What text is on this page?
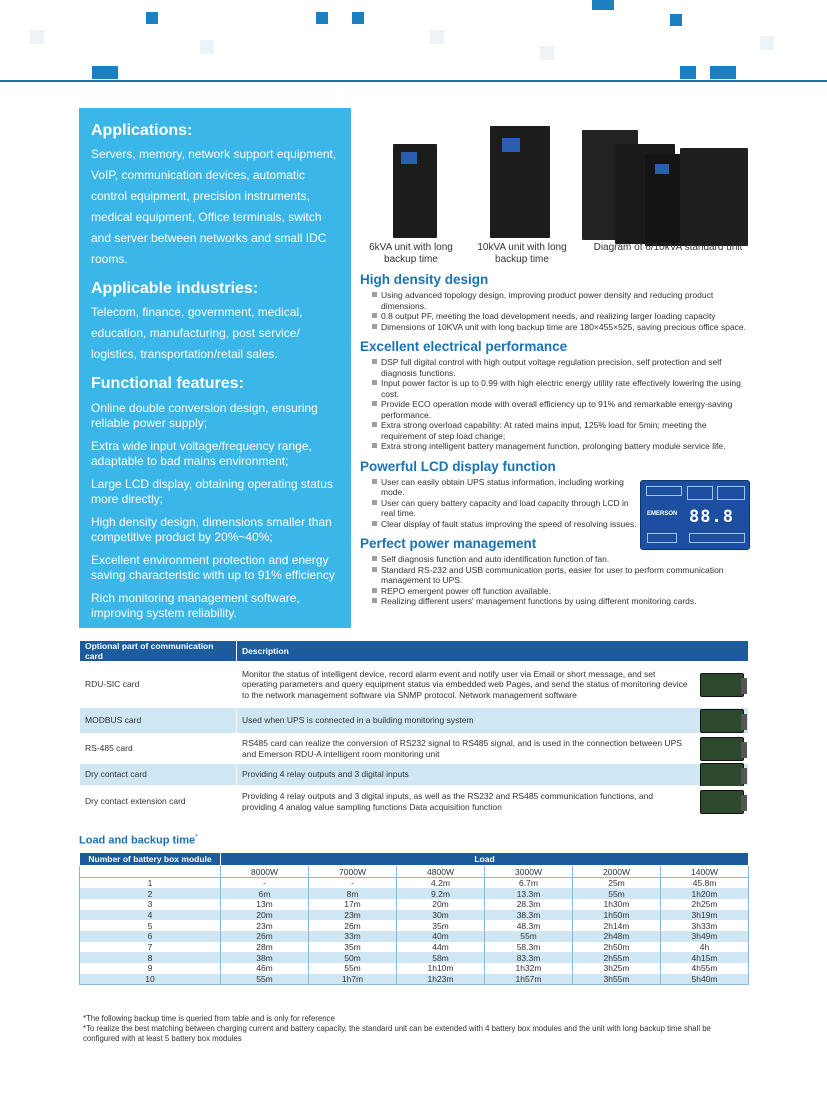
Applications:

Servers, memory, network support equipment, VoIP, communication devices, automatic control equipment, precision instruments, medical equipment, Office terminals, switch and server between networks and small IDC rooms.

Applicable industries:

Telecom, finance, government, medical, education, manufacturing, post service/ logistics, transportation/retail sales.

Functional features:
Online double conversion design, ensuring reliable power supply;
Extra wide input voltage/frequency range, adaptable to bad mains environment;
Large LCD display, obtaining operating status more directly;
High density design, dimensions smaller than competitive product by 20%~40%;
Excellent environment protection and energy saving characteristic with up to 91% efficiency
Rich monitoring management software, improving system reliability.
6kVA unit with long backup time
10kVA unit with long backup time
Diagram of 6/10kVA standard unit
High density design
Using advanced topology design, improving product power density and reducing product dimensions.
0.8 output PF, meeting the load development needs, and realizing larger loading capacity
Dimensions of 10KVA unit with long backup time are 180×455×525, saving precious office space.
Excellent electrical performance
DSP full digital control with high output voltage regulation precision, self protection and self diagnosis functions.
Input power factor is up to 0.99 with high electric energy utility rate effectively lowering the using cost.
Provide ECO operation mode with overall efficiency up to 91% and remarkable energy-saving performance.
Extra strong overload capability: At rated mains input, 125% load for 5min; meeting the requirement of step load change;
Extra strong intelligent battery management function, prolonging battery module service life.
Powerful LCD display function
User can easily obtain UPS status information, including working mode.
User can query battery capacity and load capacity through LCD in real time.
Clear display of fault status improving the speed of resolving issues.
Perfect power management
Self diagnosis function and auto identification function of fan.
Standard RS-232 and USB communication ports, easier for user to perform communication management to UPS.
REPO emergent power off function available.
Realizing different users' management functions by using different monitoring cards.
EMERSON 88.8
Optional part of communication card	Description
RDU-SIC card	Monitor the status of intelligent device, record alarm event and notify user via Email or short message, and set operating parameters and query equipment status via embedded web Pages, and send the status of monitoring device to the network management software via SNMP protocol. Network management software

MODBUS card	Used when UPS is connected in a building monitoring system

RS-485 card	RS485 card can realize the conversion of RS232 signal to RS485 signal, and is used in the connection between UPS and Emerson RDU-A intelligent room monitoring unit

Dry contact card	Providing 4 relay outputs and 3 digital inputs

Dry contact extension card	Providing 4 relay outputs and 3 digital inputs, as well as the RS232 and RS485 communication functions, and providing 4 analog value sampling functions Data acquisition function
Load and backup time*
Number of battery box module	Load					
	8000W	7000W	4800W	3000W	2000W	1400W
1	-	-	4.2m	6.7m	25m	45.8m
2	6m	8m	9.2m	13.3m	55m	1h20m
3	13m	17m	20m	28.3m	1h30m	2h25m
4	20m	23m	30m	38.3m	1h50m	3h19m
5	23m	26m	35m	48.3m	2h14m	3h33m
6	26m	33m	40m	55m	2h48m	3h49m
7	28m	35m	44m	58.3m	2h50m	4h
8	38m	50m	58m	83.3m	2h55m	4h15m
9	46m	55m	1h10m	1h32m	3h25m	4h55m
10	55m	1h7m	1h23m	1h57m	3h55m	5h40m

*The following backup time is queried from table and is only for reference

*To realize the best matching between charging current and battery capacity, the standard unit can be extended with 4 battery box modules and the unit with long backup time shall be configured with at least 5 battery box modules
